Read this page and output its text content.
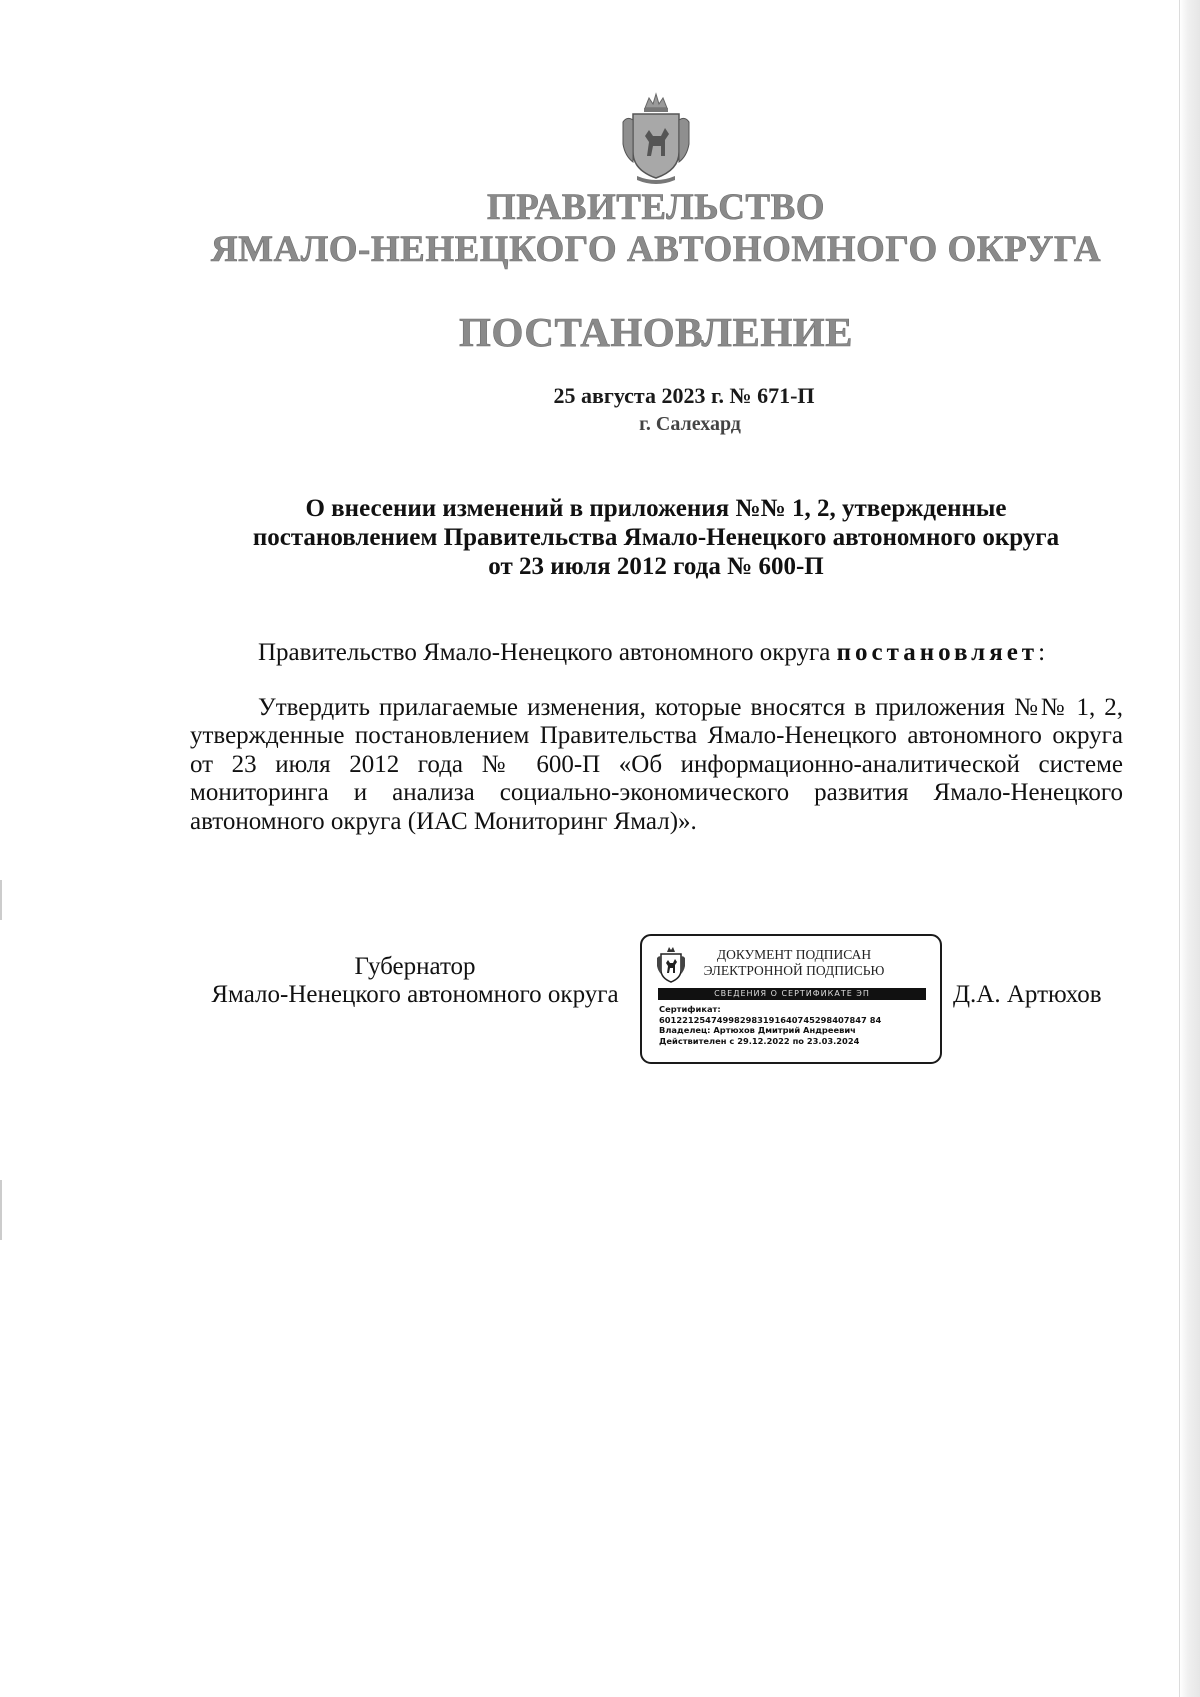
ПРАВИТЕЛЬСТВО
ЯМАЛО-НЕНЕЦКОГО АВТОНОМНОГО ОКРУГА
ПОСТАНОВЛЕНИЕ
25 августа 2023 г. № 671-П
г. Салехард
О внесении изменений в приложения №№ 1, 2, утвержденные
постановлением Правительства Ямало-Ненецкого автономного округа
от 23 июля 2012 года № 600-П
Правительство Ямало-Ненецкого автономного округа постановляет:
Утвердить прилагаемые изменения, которые вносятся в приложения №№ 1, 2, утвержденные постановлением Правительства Ямало-Ненецкого автономного округа от 23 июля 2012 года № 600-П «Об информационно-аналитической системе мониторинга и анализа социально-экономического развития Ямало-Ненецкого автономного округа (ИАС Мониторинг Ямал)».
Губернатор
Ямало-Ненецкого автономного округа
ДОКУМЕНТ ПОДПИСАН
ЭЛЕКТРОННОЙ ПОДПИСЬЮ
СВЕДЕНИЯ О СЕРТИФИКАТЕ ЭП
Сертификат:
601221254749982983191640745298407847 84
Владелец: Артюхов Дмитрий Андреевич
Действителен с 29.12.2022 по 23.03.2024
Д.А. Артюхов
